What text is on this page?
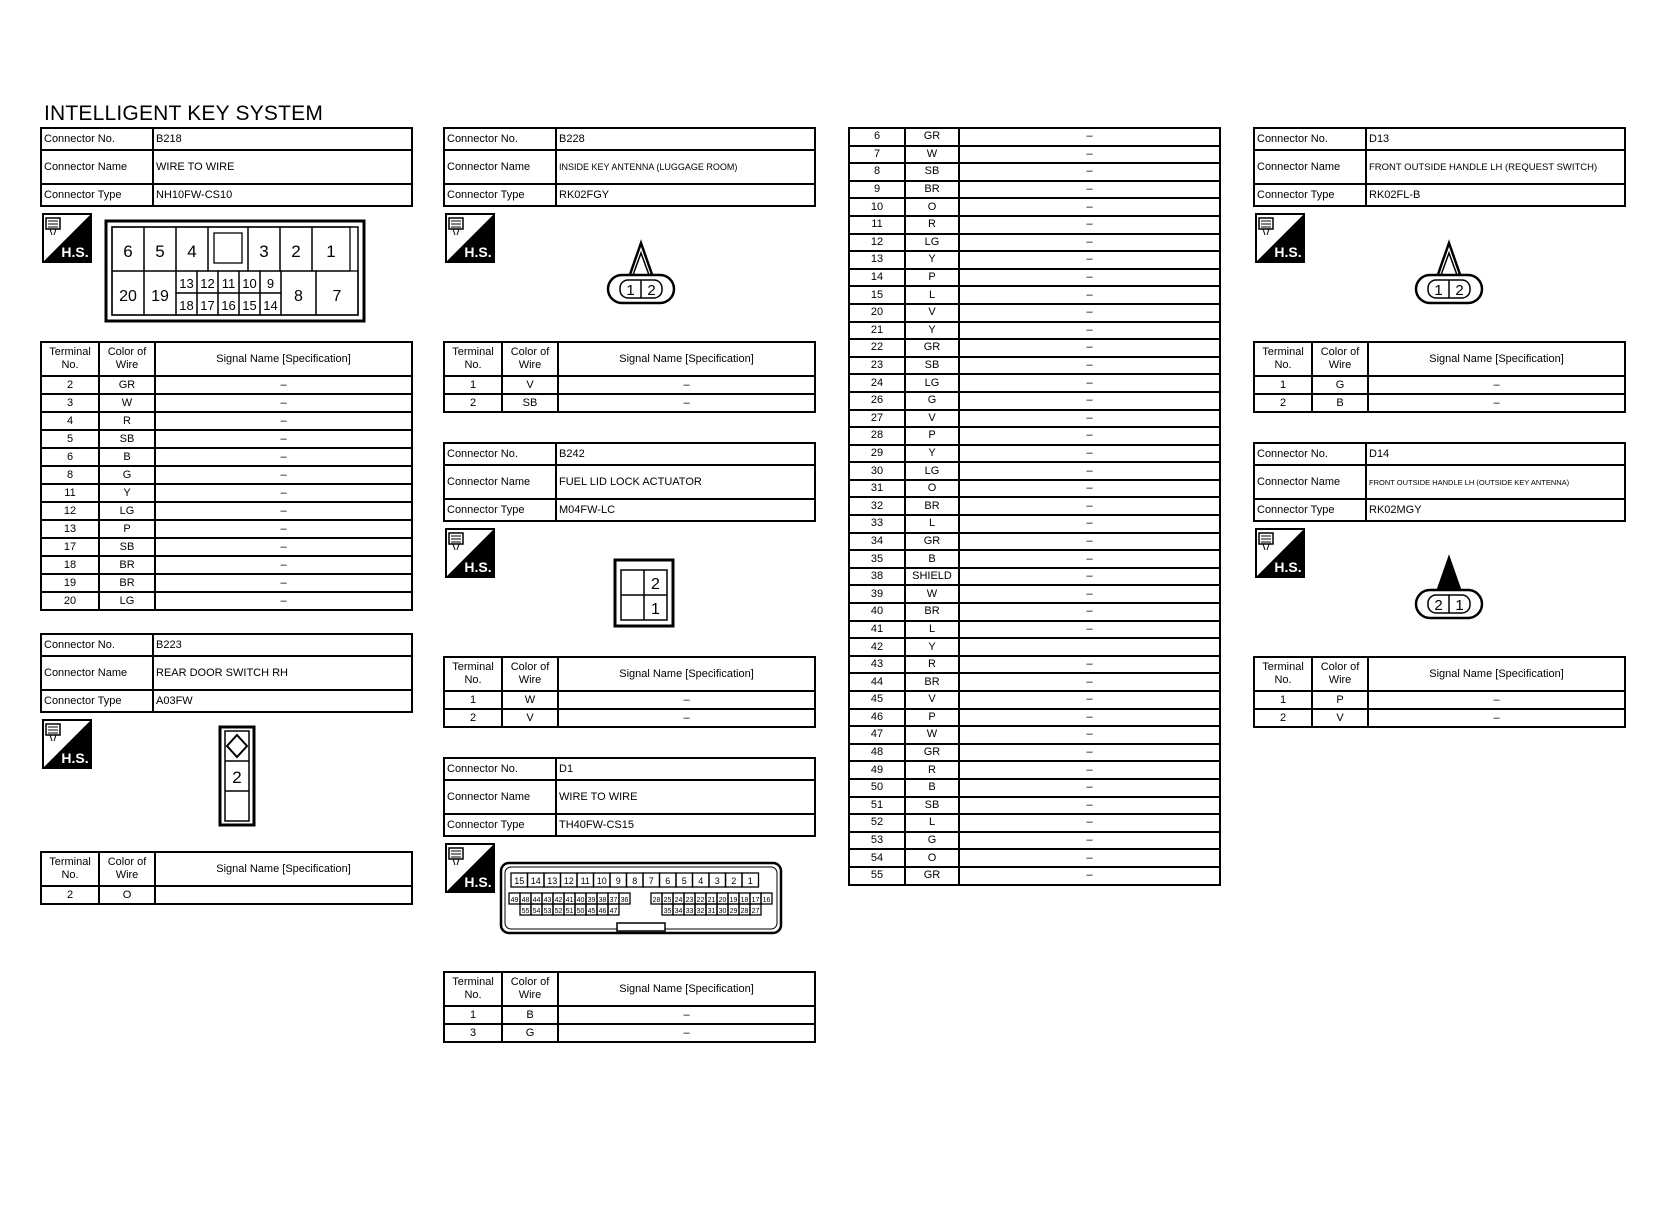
INTELLIGENT KEY SYSTEM
Connector No.	B218
Connector Name	WIRE TO WIRE
Connector Type	NH10FW-CS10
H.S. 6 5 4	3 2 1
20 19
13
18
12
17
11
16
10
15
9
14
8 7
Terminal No.	Color of Wire	Signal Name [Specification]
2	GR	–
3	W	–
4	R	–
5	SB	–
6	B	–
8	G	–
11	Y	–
12	LG	–
13	P	–
17	SB	–
18	BR	–
19	BR	–
20	LG	–
Connector No.	B223
Connector Name	REAR DOOR SWITCH RH
Connector Type	A03FW
H.S.
2
Terminal No.	Color of Wire	Signal Name [Specification]
2	O	
Connector No.	B228
Connector Name	INSIDE KEY ANTENNA (LUGGAGE ROOM)
Connector Type	RK02FGY
H.S.
1 2
Terminal No.	Color of Wire	Signal Name [Specification]
1	V	–
2	SB	–
Connector No.	B242
Connector Name	FUEL LID LOCK ACTUATOR
Connector Type	M04FW-LC
H.S.
2
1
Terminal No.	Color of Wire	Signal Name [Specification]
1	W	–
2	V	–
Connector No.	D1
Connector Name	WIRE TO WIRE
Connector Type	TH40FW-CS15
H.S.	15 14 13 12 11 10 9 8 7 6 5 4 3 2 1
49 48 44 43 42 41 40 39 38 37 36	28 25 24 23 22 21 20 19 18 17 16
55 54 53 52 51 50 45 46 47	35 34 33 32 31 30 29 28 27
Terminal No.	Color of Wire	Signal Name [Specification]
1	B	–
3	G	–
6	GR	–
7	W	–
8	SB	–
9	BR	–
10	O	–
11	R	–
12	LG	–
13	Y	–
14	P	–
15	L	–
20	V	–
21	Y	–
22	GR	–
23	SB	–
24	LG	–
26	G	–
27	V	–
28	P	–
29	Y	–
30	LG	–
31	O	–
32	BR	–
33	L	–
34	GR	–
35	B	–
38	SHIELD	–
39	W	–
40	BR	–
41	L	–
42	Y	
43	R	–
44	BR	–
45	V	–
46	P	–
47	W	–
48	GR	–
49	R	–
50	B	–
51	SB	–
52	L	–
53	G	–
54	O	–
55	GR	–
Connector No.	D13
Connector Name	FRONT OUTSIDE HANDLE LH (REQUEST SWITCH)
Connector Type	RK02FL-B
H.S.
1 2
Terminal No.	Color of Wire	Signal Name [Specification]
1	G	–
2	B	–
Connector No.	D14
Connector Name	FRONT OUTSIDE HANDLE LH (OUTSIDE KEY ANTENNA)
Connector Type	RK02MGY
H.S.
2 1
Terminal No.	Color of Wire	Signal Name [Specification]
1	P	–
2	V	–
